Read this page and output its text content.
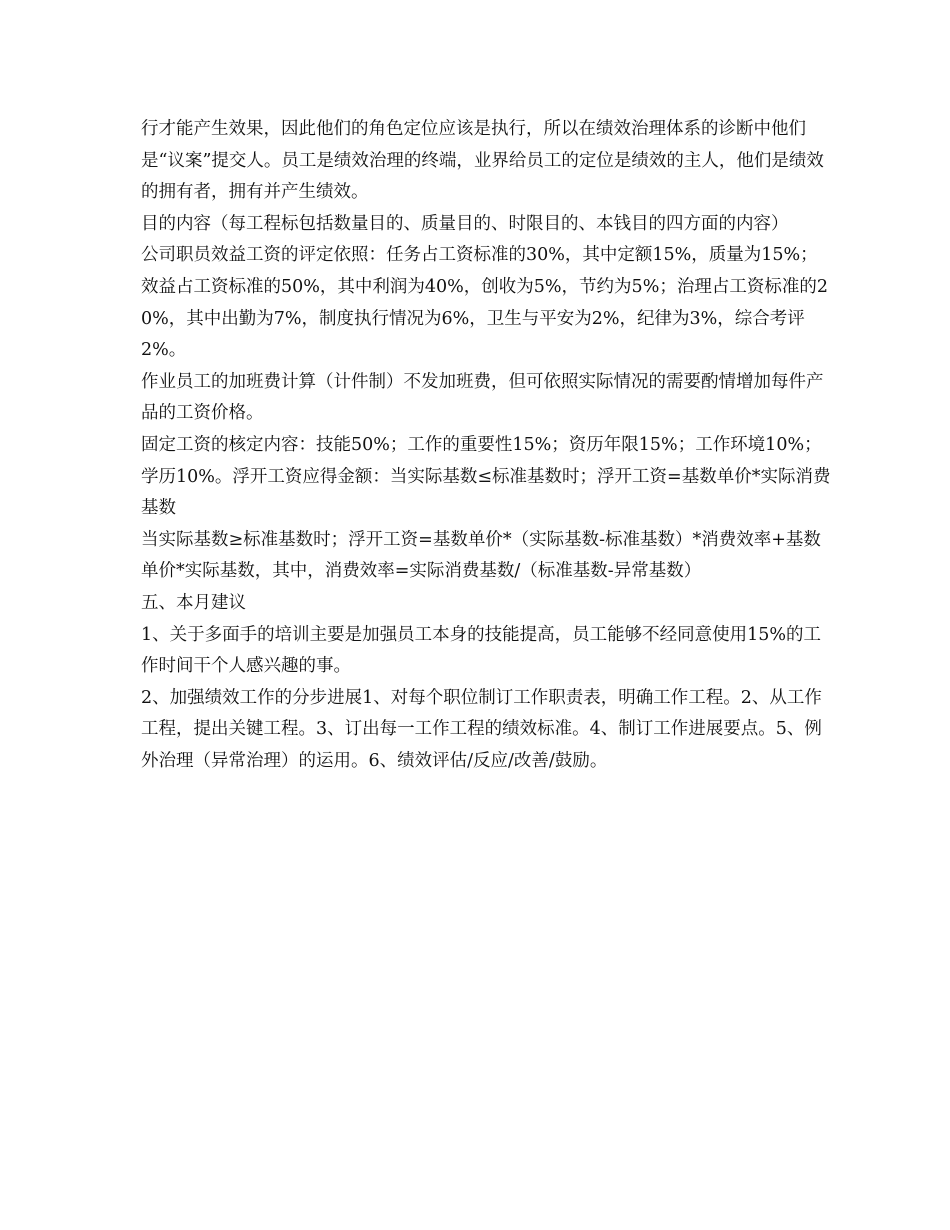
行才能产生效果，因此他们的角色定位应该是执行，所以在绩效治理体系的诊断中他们是“议案”提交人。员工是绩效治理的终端，业界给员工的定位是绩效的主人，他们是绩效的拥有者，拥有并产生绩效。

目的内容（每工程标包括数量目的、质量目的、时限目的、本钱目的四方面的内容）

公司职员效益工资的评定依照：任务占工资标准的30%，其中定额15%，质量为15%；效益占工资标准的50%，其中利润为40%，创收为5%，节约为5%；治理占工资标准的20%，其中出勤为7%，制度执行情况为6%，卫生与平安为2%，纪律为3%，综合考评2%。

作业员工的加班费计算（计件制）不发加班费，但可依照实际情况的需要酌情增加每件产品的工资价格。

固定工资的核定内容：技能50%；工作的重要性15%；资历年限15%；工作环境10%；学历10%。浮开工资应得金额：当实际基数≤标准基数时；浮开工资=基数单价*实际消费基数

当实际基数≥标准基数时；浮开工资=基数单价*（实际基数-标准基数）*消费效率+基数单价*实际基数，其中，消费效率=实际消费基数/（标准基数-异常基数）

五、本月建议

1、关于多面手的培训主要是加强员工本身的技能提高，员工能够不经同意使用15%的工作时间干个人感兴趣的事。

2、加强绩效工作的分步进展1、对每个职位制订工作职责表，明确工作工程。2、从工作工程，提出关键工程。3、订出每一工作工程的绩效标准。4、制订工作进展要点。5、例外治理（异常治理）的运用。6、绩效评估/反应/改善/鼓励。
